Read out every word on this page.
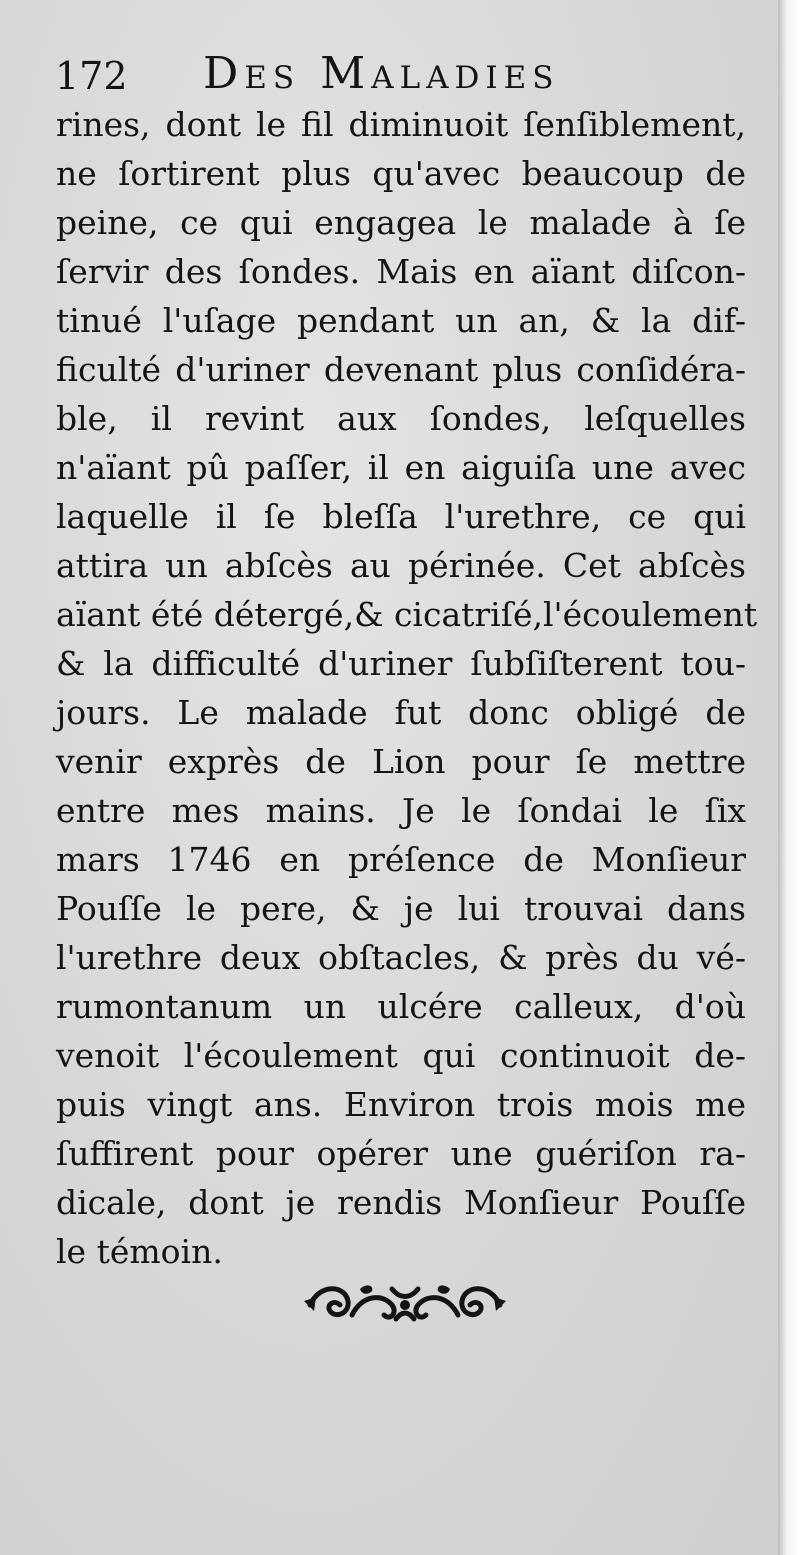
172 Des Maladies
rines, dont le fil diminuoit ſenſiblement,
ne ſortirent plus qu'avec beaucoup de
peine, ce qui engagea le malade à ſe
ſervir des ſondes. Mais en aïant diſcon-
tinué l'uſage pendant un an, & la dif-
ficulté d'uriner devenant plus conſidéra-
ble, il revint aux ſondes, leſquelles
n'aïant pû paſſer, il en aiguiſa une avec
laquelle il ſe bleſſa l'urethre, ce qui
attira un abſcès au périnée. Cet abſcès
aïant été détergé,& cicatriſé,l'écoulement
& la difficulté d'uriner ſubſiſterent tou-
jours. Le malade fut donc obligé de
venir exprès de Lion pour ſe mettre
entre mes mains. Je le ſondai le ſix
mars 1746 en préſence de Monſieur
Pouſſe le pere, & je lui trouvai dans
l'urethre deux obſtacles, & près du vé-
rumontanum un ulcére calleux, d'où
venoit l'écoulement qui continuoit de-
puis vingt ans. Environ trois mois me
ſuffirent pour opérer une guériſon ra-
dicale, dont je rendis Monſieur Pouſſe
le témoin.
